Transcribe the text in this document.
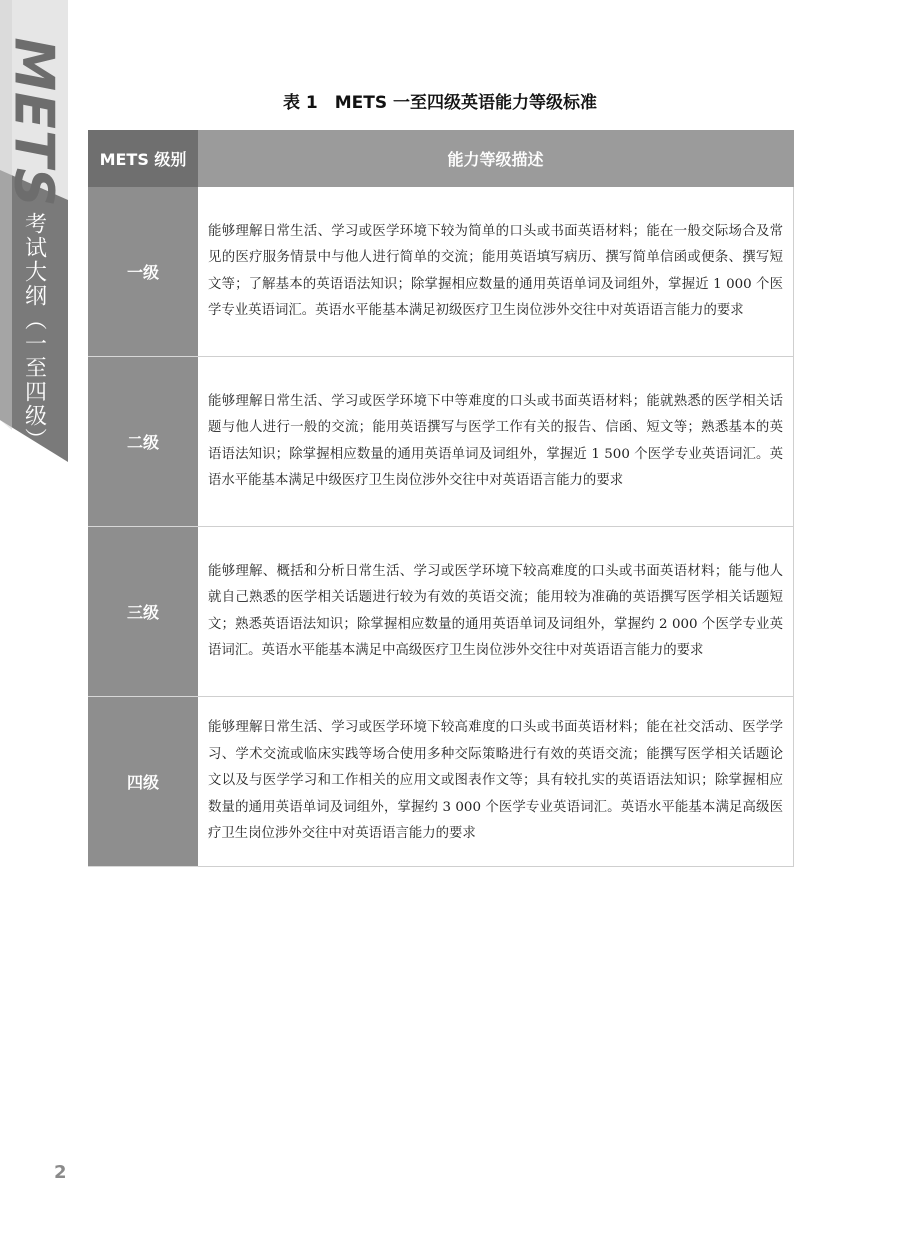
METS
考试大纲（一至四级）
表 1　METS 一至四级英语能力等级标准
METS 级别	能力等级描述
一级	能够理解日常生活、学习或医学环境下较为简单的口头或书面英语材料；能在一般交际场合及常见的医疗服务情景中与他人进行简单的交流；能用英语填写病历、撰写简单信函或便条、撰写短文等；了解基本的英语语法知识；除掌握相应数量的通用英语单词及词组外，掌握近 1 000 个医学专业英语词汇。英语水平能基本满足初级医疗卫生岗位涉外交往中对英语语言能力的要求
二级	能够理解日常生活、学习或医学环境下中等难度的口头或书面英语材料；能就熟悉的医学相关话题与他人进行一般的交流；能用英语撰写与医学工作有关的报告、信函、短文等；熟悉基本的英语语法知识；除掌握相应数量的通用英语单词及词组外，掌握近 1 500 个医学专业英语词汇。英语水平能基本满足中级医疗卫生岗位涉外交往中对英语语言能力的要求
三级	能够理解、概括和分析日常生活、学习或医学环境下较高难度的口头或书面英语材料；能与他人就自己熟悉的医学相关话题进行较为有效的英语交流；能用较为准确的英语撰写医学相关话题短文；熟悉英语语法知识；除掌握相应数量的通用英语单词及词组外，掌握约 2 000 个医学专业英语词汇。英语水平能基本满足中高级医疗卫生岗位涉外交往中对英语语言能力的要求
四级	能够理解日常生活、学习或医学环境下较高难度的口头或书面英语材料；能在社交活动、医学学习、学术交流或临床实践等场合使用多种交际策略进行有效的英语交流；能撰写医学相关话题论文以及与医学学习和工作相关的应用文或图表作文等；具有较扎实的英语语法知识；除掌握相应数量的通用英语单词及词组外，掌握约 3 000 个医学专业英语词汇。英语水平能基本满足高级医疗卫生岗位涉外交往中对英语语言能力的要求
2
